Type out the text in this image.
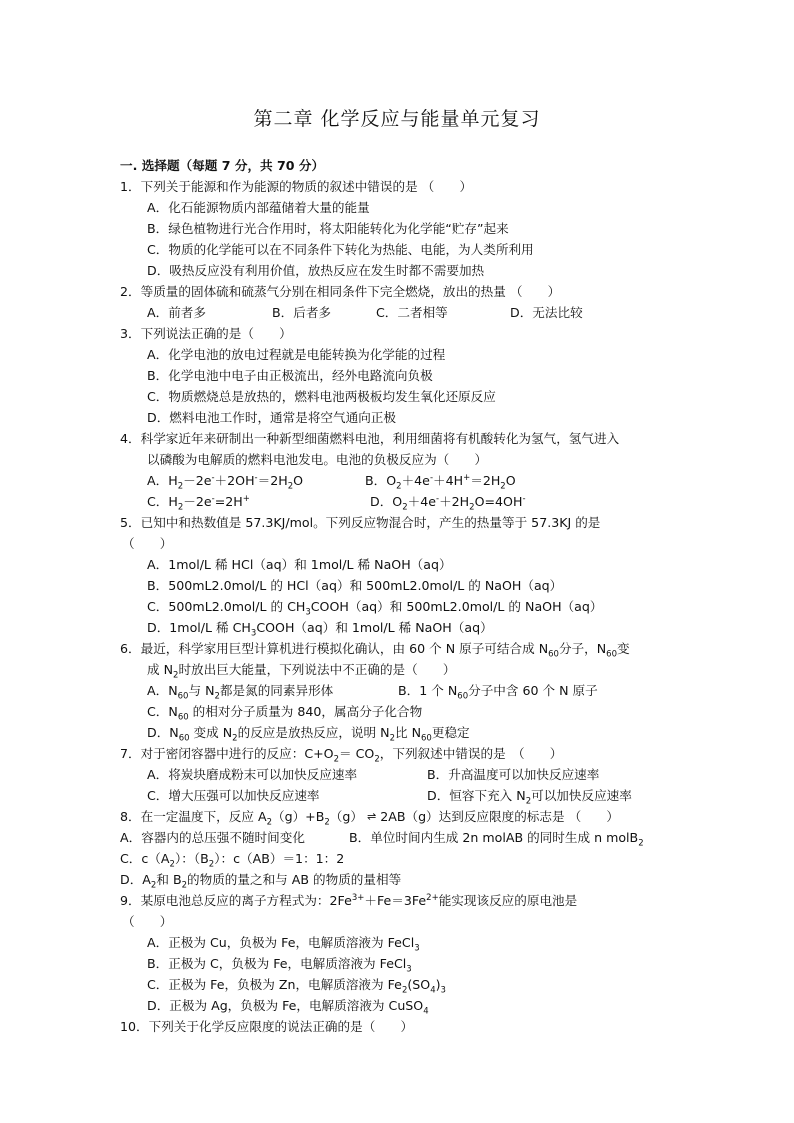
第二章 化学反应与能量单元复习
一. 选择题（每题 7 分，共 70 分）
1．下列关于能源和作为能源的物质的叙述中错误的是 （　　）
A．化石能源物质内部蕴储着大量的能量
B．绿色植物进行光合作用时，将太阳能转化为化学能“贮存”起来
C．物质的化学能可以在不同条件下转化为热能、电能，为人类所利用
D．吸热反应没有利用价值，放热反应在发生时都不需要加热
2．等质量的固体硫和硫蒸气分别在相同条件下完全燃烧，放出的热量 （　　）
A．前者多	B．后者多	C．二者相等	D．无法比较
3．下列说法正确的是（　　）
A．化学电池的放电过程就是电能转换为化学能的过程
B．化学电池中电子由正极流出，经外电路流向负极
C．物质燃烧总是放热的，燃料电池两极板均发生氧化还原反应
D．燃料电池工作时，通常是将空气通向正极
4．科学家近年来研制出一种新型细菌燃料电池，利用细菌将有机酸转化为氢气，氢气进入
以磷酸为电解质的燃料电池发电。电池的负极反应为（　　）
A．$H_2-2e^-+2OH^-=2H_2O$	B．$O_2+4e^-+4H^+=2H_2O$
C．$H_2-2e^-=2H^+$	D．$O_2+4e^-+2H_2O=4OH^-$
5．已知中和热数值是 57.3KJ/mol。下列反应物混合时，产生的热量等于 57.3KJ 的是
（　　）
A．1mol/L 稀 HCl（aq）和 1mol/L 稀 NaOH（aq）
B．500mL2.0mol/L 的 HCl（aq）和 500mL2.0mol/L 的 NaOH（aq）
C．500mL2.0mol/L 的 $CH_3COOH(aq)$和 500mL2.0mol/L 的 NaOH（aq）
D．1mol/L 稀 $CH_3COOH(aq)$和 1mol/L 稀 NaOH（aq）
6．最近，科学家用巨型计算机进行模拟化确认，由 60 个 N 原子可结合成 $N_{60}$分子，$N_{60}$变
成 $N_2$时放出巨大能量，下列说法中不正确的是（　　）
A．$N_{60}$与 $N_2$都是氮的同素异形体	B．1 个 $N_{60}$分子中含 60 个 N 原子
C．$N_{60}$ 的相对分子质量为 840，属高分子化合物
D．$N_{60}$ 变成 $N_2$的反应是放热反应，说明 $N_2$比 $N_{60}$更稳定
7．对于密闭容器中进行的反应：$C+O_2= CO_2$，下列叙述中错误的是　（　　）
A．将炭块磨成粉末可以加快反应速率	B．升高温度可以加快反应速率
C．增大压强可以加快反应速率	D．恒容下充入 $N_2$可以加快反应速率
8．在一定温度下，反应 $A_2(g)+B_2(g)$ ⇌ 2AB（g）达到反应限度的标志是 （　　）
A．容器内的总压强不随时间变化	B．单位时间内生成 2n molAB 的同时生成 n molB$_2$
C．$c(A_2)$：$(B_2)$：c（AB）＝1：1：2
D．$A_2$和 $B_2$的物质的量之和与 AB 的物质的量相等
9．某原电池总反应的离子方程式为：$2Fe^{3+}+Fe=3Fe^{2+}$能实现该反应的原电池是
（　　）
A．正极为 Cu，负极为 Fe，电解质溶液为 FeCl$_3$
B．正极为 C，负极为 Fe，电解质溶液为 FeCl$_3$
C．正极为 Fe，负极为 Zn，电解质溶液为 $Fe_2(SO_4)_3$
D．正极为 Ag，负极为 Fe，电解质溶液为 CuSO$_4$
10．下列关于化学反应限度的说法正确的是（　　）
